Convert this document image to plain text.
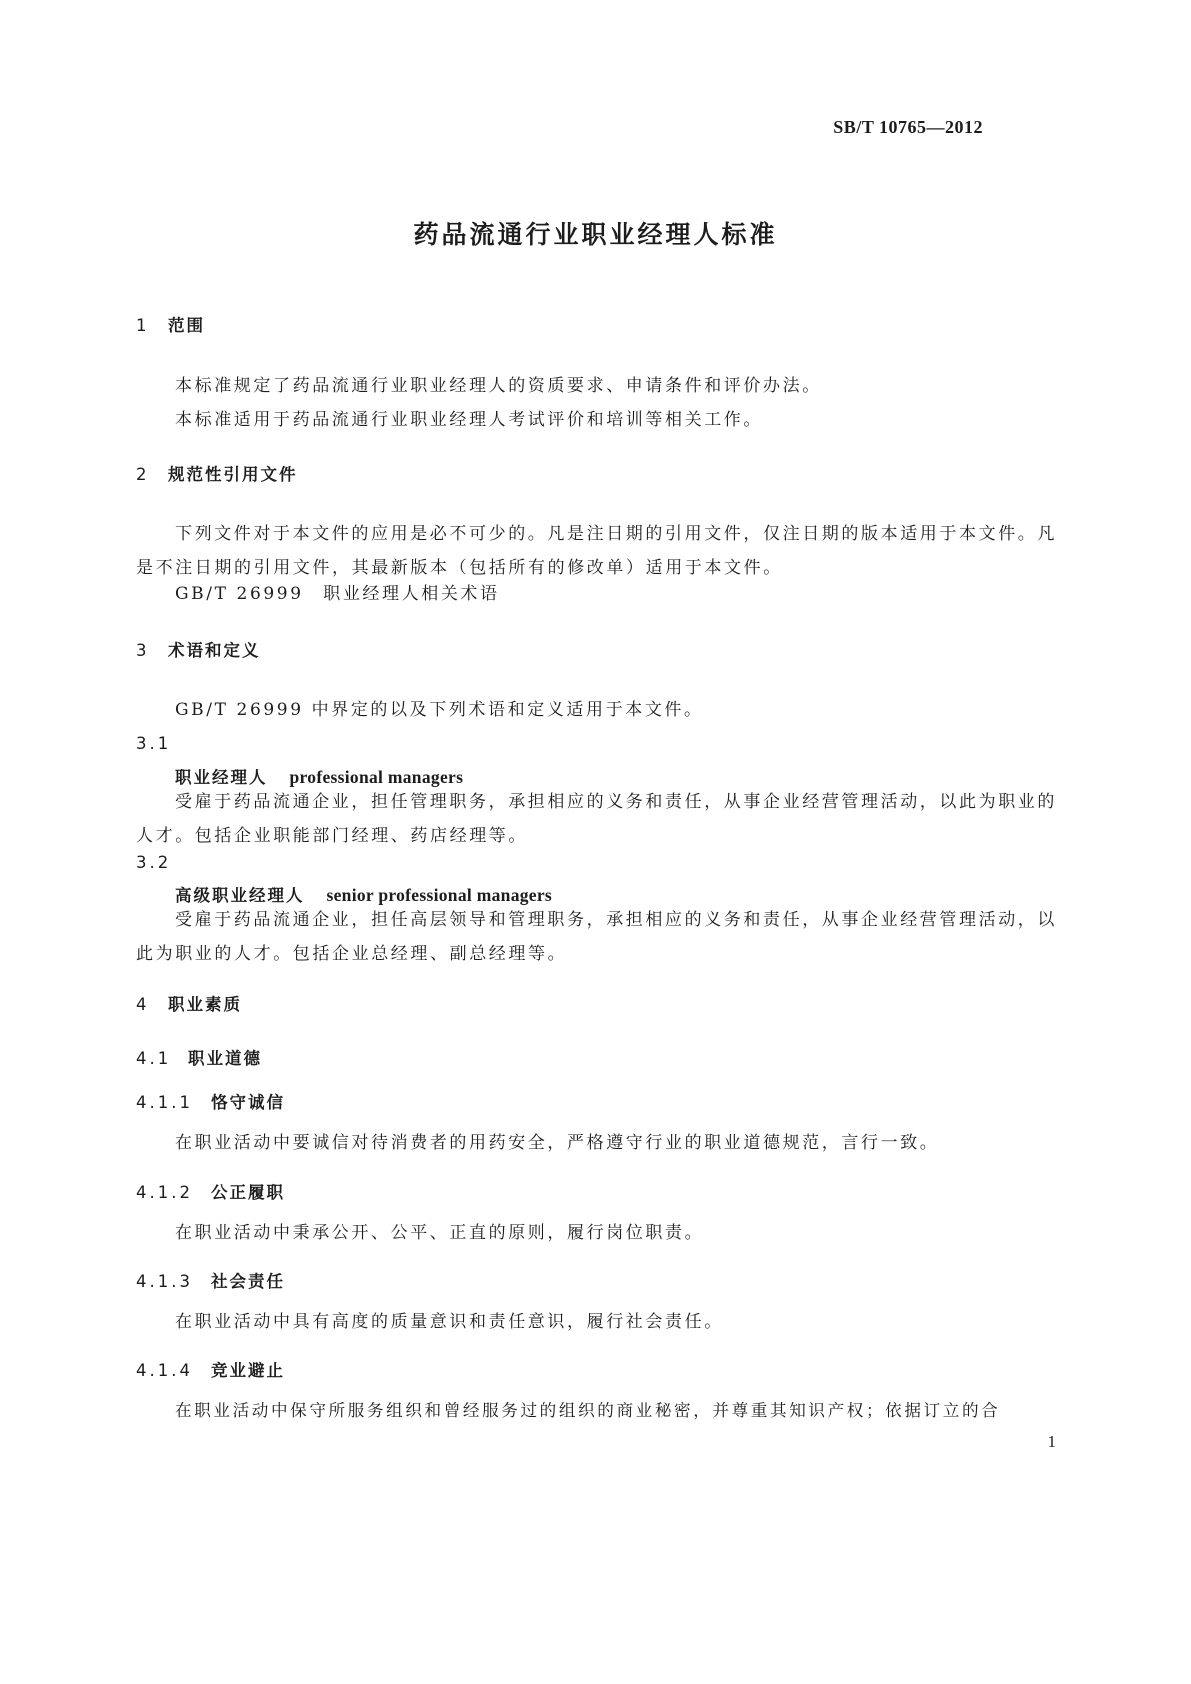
SB/T 10765—2012
药品流通行业职业经理人标准
1 范围
本标准规定了药品流通行业职业经理人的资质要求、申请条件和评价办法。
本标准适用于药品流通行业职业经理人考试评价和培训等相关工作。
2 规范性引用文件
下列文件对于本文件的应用是必不可少的。凡是注日期的引用文件，仅注日期的版本适用于本文件。凡是不注日期的引用文件，其最新版本（包括所有的修改单）适用于本文件。
GB/T 26999　职业经理人相关术语
3 术语和定义
GB/T 26999 中界定的以及下列术语和定义适用于本文件。
3.1
职业经理人 professional managers
受雇于药品流通企业，担任管理职务，承担相应的义务和责任，从事企业经营管理活动，以此为职业的人才。包括企业职能部门经理、药店经理等。
3.2
高级职业经理人 senior professional managers
受雇于药品流通企业，担任高层领导和管理职务，承担相应的义务和责任，从事企业经营管理活动，以此为职业的人才。包括企业总经理、副总经理等。
4 职业素质
4.1 职业道德
4.1.1 恪守诚信
在职业活动中要诚信对待消费者的用药安全，严格遵守行业的职业道德规范，言行一致。
4.1.2 公正履职
在职业活动中秉承公开、公平、正直的原则，履行岗位职责。
4.1.3 社会责任
在职业活动中具有高度的质量意识和责任意识，履行社会责任。
4.1.4 竞业避止
在职业活动中保守所服务组织和曾经服务过的组织的商业秘密，并尊重其知识产权；依据订立的合
1
